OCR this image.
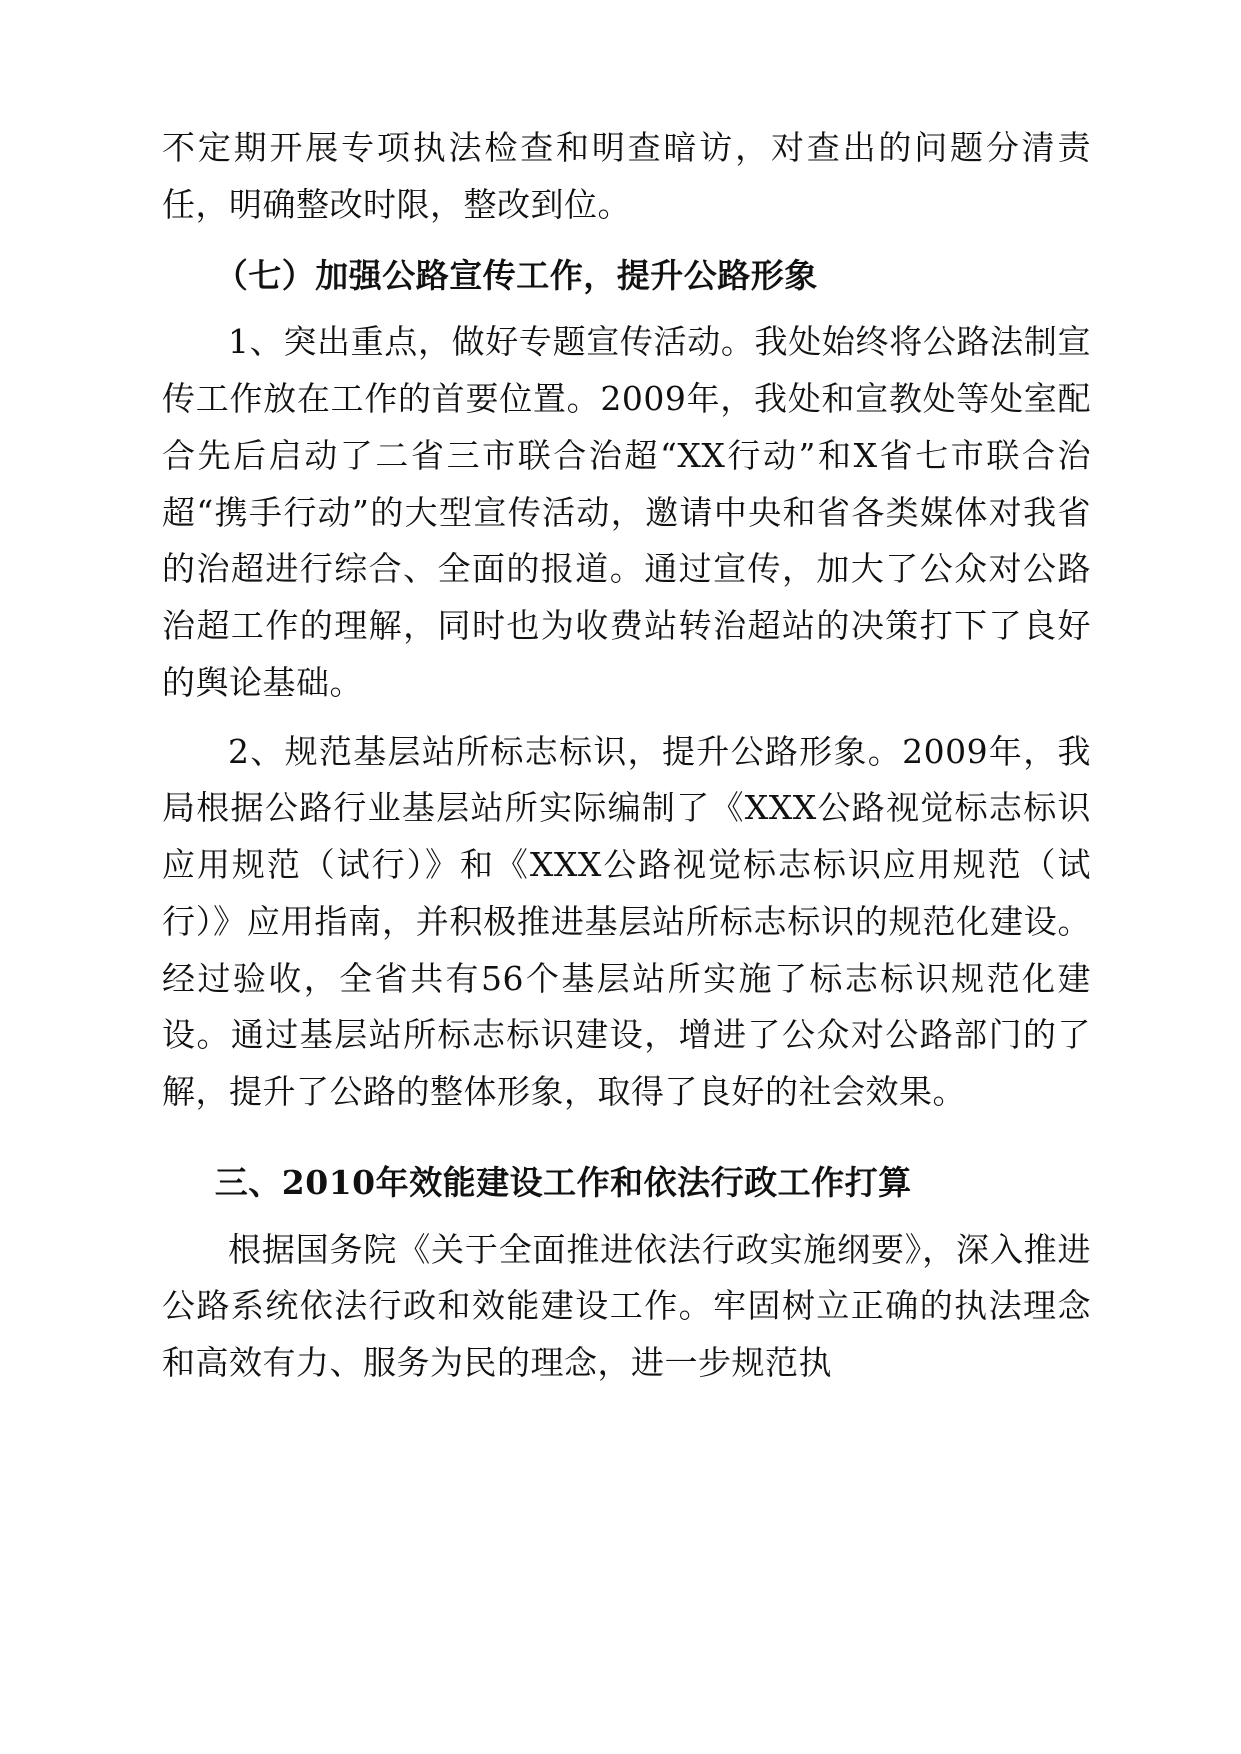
不定期开展专项执法检查和明查暗访，对查出的问题分清责任，明确整改时限，整改到位。

（七）加强公路宣传工作，提升公路形象

1、突出重点，做好专题宣传活动。我处始终将公路法制宣传工作放在工作的首要位置。2009年，我处和宣教处等处室配合先后启动了二省三市联合治超“XX行动”和X省七市联合治超“携手行动”的大型宣传活动，邀请中央和省各类媒体对我省的治超进行综合、全面的报道。通过宣传，加大了公众对公路治超工作的理解，同时也为收费站转治超站的决策打下了良好的舆论基础。

2、规范基层站所标志标识，提升公路形象。2009年，我局根据公路行业基层站所实际编制了《XXX公路视觉标志标识应用规范（试行）》和《XXX公路视觉标志标识应用规范（试行）》应用指南，并积极推进基层站所标志标识的规范化建设。经过验收，全省共有56个基层站所实施了标志标识规范化建设。通过基层站所标志标识建设，增进了公众对公路部门的了解，提升了公路的整体形象，取得了良好的社会效果。

三、2010年效能建设工作和依法行政工作打算

根据国务院《关于全面推进依法行政实施纲要》，深入推进公路系统依法行政和效能建设工作。牢固树立正确的执法理念和高效有力、服务为民的理念，进一步规范执
